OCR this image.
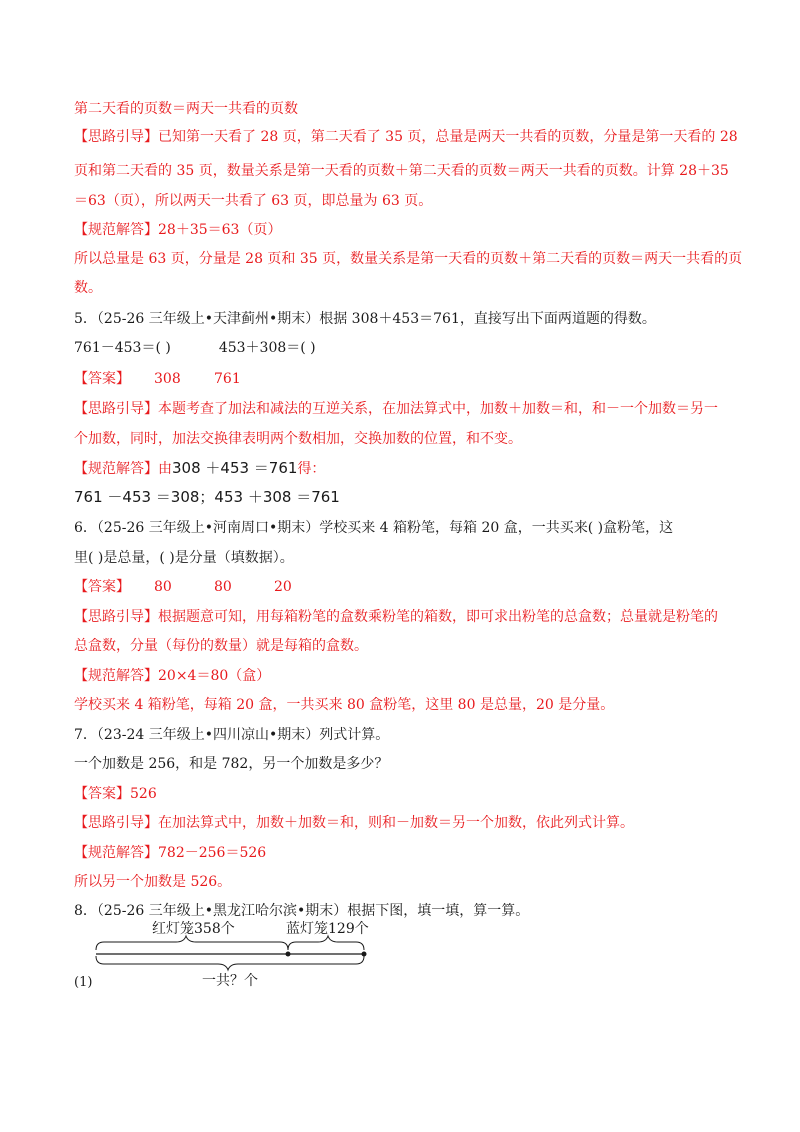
第二天看的页数＝两天一共看的页数
【思路引导】已知第一天看了 28 页，第二天看了 35 页，总量是两天一共看的页数，分量是第一天看的 28
页和第二天看的 35 页，数量关系是第一天看的页数＋第二天看的页数＝两天一共看的页数。计算 28＋35
＝63（页），所以两天一共看了 63 页，即总量为 63 页。
【规范解答】28＋35＝63（页）
所以总量是 63 页，分量是 28 页和 35 页，数量关系是第一天看的页数＋第二天看的页数＝两天一共看的页
数。
5．（25-26 三年级上•天津蓟州•期末）根据 308＋453＝761，直接写出下面两道题的得数。
761－453＝( )	453＋308＝( )
【答案】 308 761
【思路引导】本题考查了加法和减法的互逆关系，在加法算式中，加数＋加数＝和，和－一个加数＝另一
个加数，同时，加法交换律表明两个数相加，交换加数的位置，和不变。
【规范解答】由308 ＋453 ＝761得：
761 －453 ＝308；453 ＋308 ＝761
6．（25-26 三年级上•河南周口•期末）学校买来 4 箱粉笔，每箱 20 盒，一共买来( )盒粉笔，这
里( )是总量，( )是分量（填数据）。
【答案】 80	80	20
【思路引导】根据题意可知，用每箱粉笔的盒数乘粉笔的箱数，即可求出粉笔的总盒数；总量就是粉笔的
总盒数，分量（每份的数量）就是每箱的盒数。
【规范解答】20×4＝80（盒）
学校买来 4 箱粉笔，每箱 20 盒，一共买来 80 盒粉笔，这里 80 是总量，20 是分量。
7．（23-24 三年级上•四川凉山•期末）列式计算。
一个加数是 256，和是 782，另一个加数是多少？
【答案】526
【思路引导】在加法算式中，加数＋加数＝和，则和－加数＝另一个加数，依此列式计算。
【规范解答】782－256＝526
所以另一个加数是 526。
8．（25-26 三年级上•黑龙江哈尔滨•期末）根据下图，填一填，算一算。
红灯笼358个	蓝灯笼129个
(1)	一共？个
